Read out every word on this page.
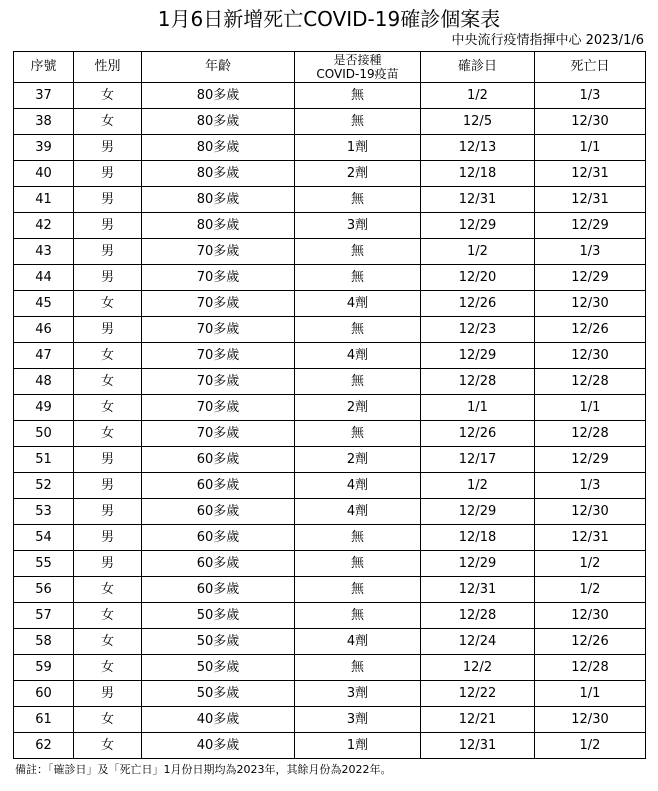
1月6日新增死亡COVID-19確診個案表
中央流行疫情指揮中心 2023/1/6
序號	性別	年齡	是否接種
COVID-19疫苗	確診日	死亡日
37	女	80多歲	無	1/2	1/3
38	女	80多歲	無	12/5	12/30
39	男	80多歲	1劑	12/13	1/1
40	男	80多歲	2劑	12/18	12/31
41	男	80多歲	無	12/31	12/31
42	男	80多歲	3劑	12/29	12/29
43	男	70多歲	無	1/2	1/3
44	男	70多歲	無	12/20	12/29
45	女	70多歲	4劑	12/26	12/30
46	男	70多歲	無	12/23	12/26
47	女	70多歲	4劑	12/29	12/30
48	女	70多歲	無	12/28	12/28
49	女	70多歲	2劑	1/1	1/1
50	女	70多歲	無	12/26	12/28
51	男	60多歲	2劑	12/17	12/29
52	男	60多歲	4劑	1/2	1/3
53	男	60多歲	4劑	12/29	12/30
54	男	60多歲	無	12/18	12/31
55	男	60多歲	無	12/29	1/2
56	女	60多歲	無	12/31	1/2
57	女	50多歲	無	12/28	12/30
58	女	50多歲	4劑	12/24	12/26
59	女	50多歲	無	12/2	12/28
60	男	50多歲	3劑	12/22	1/1
61	女	40多歲	3劑	12/21	12/30
62	女	40多歲	1劑	12/31	1/2
備註：「確診日」及「死亡日」1月份日期均為2023年，其餘月份為2022年。
